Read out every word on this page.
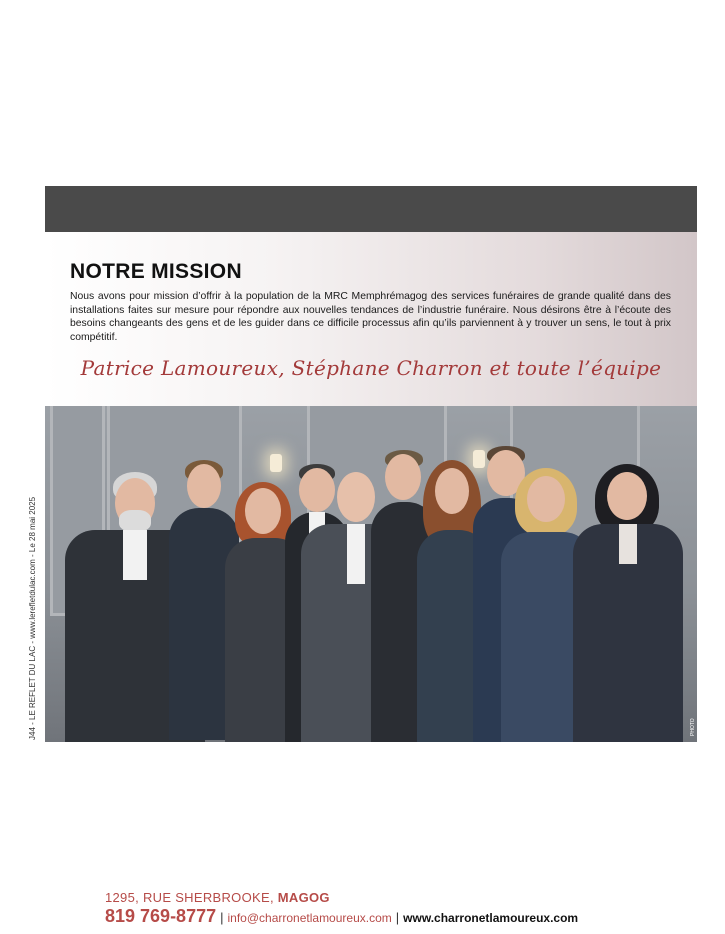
J44 - LE REFLET DU LAC - www.lerefletdulac.com - Le 28 mai 2025
NOTRE MISSION

Nous avons pour mission d’offrir à la population de la MRC Memphrémagog des services funéraires de grande qualité dans des installations faites sur mesure pour répondre aux nouvelles tendances de l’industrie funéraire. Nous désirons être à l’écoute des besoins changeants des gens et de les guider dans ce difficile processus afin qu’ils parviennent à y trouver un sens, le tout à prix compétitif.

Patrice Lamoureux, Stéphane Charron et toute l’équipe
1295, RUE SHERBROOKE, MAGOG
819 769-8777 | info@charronetlamoureux.com | www.charronetlamoureux.com
PHOTO
